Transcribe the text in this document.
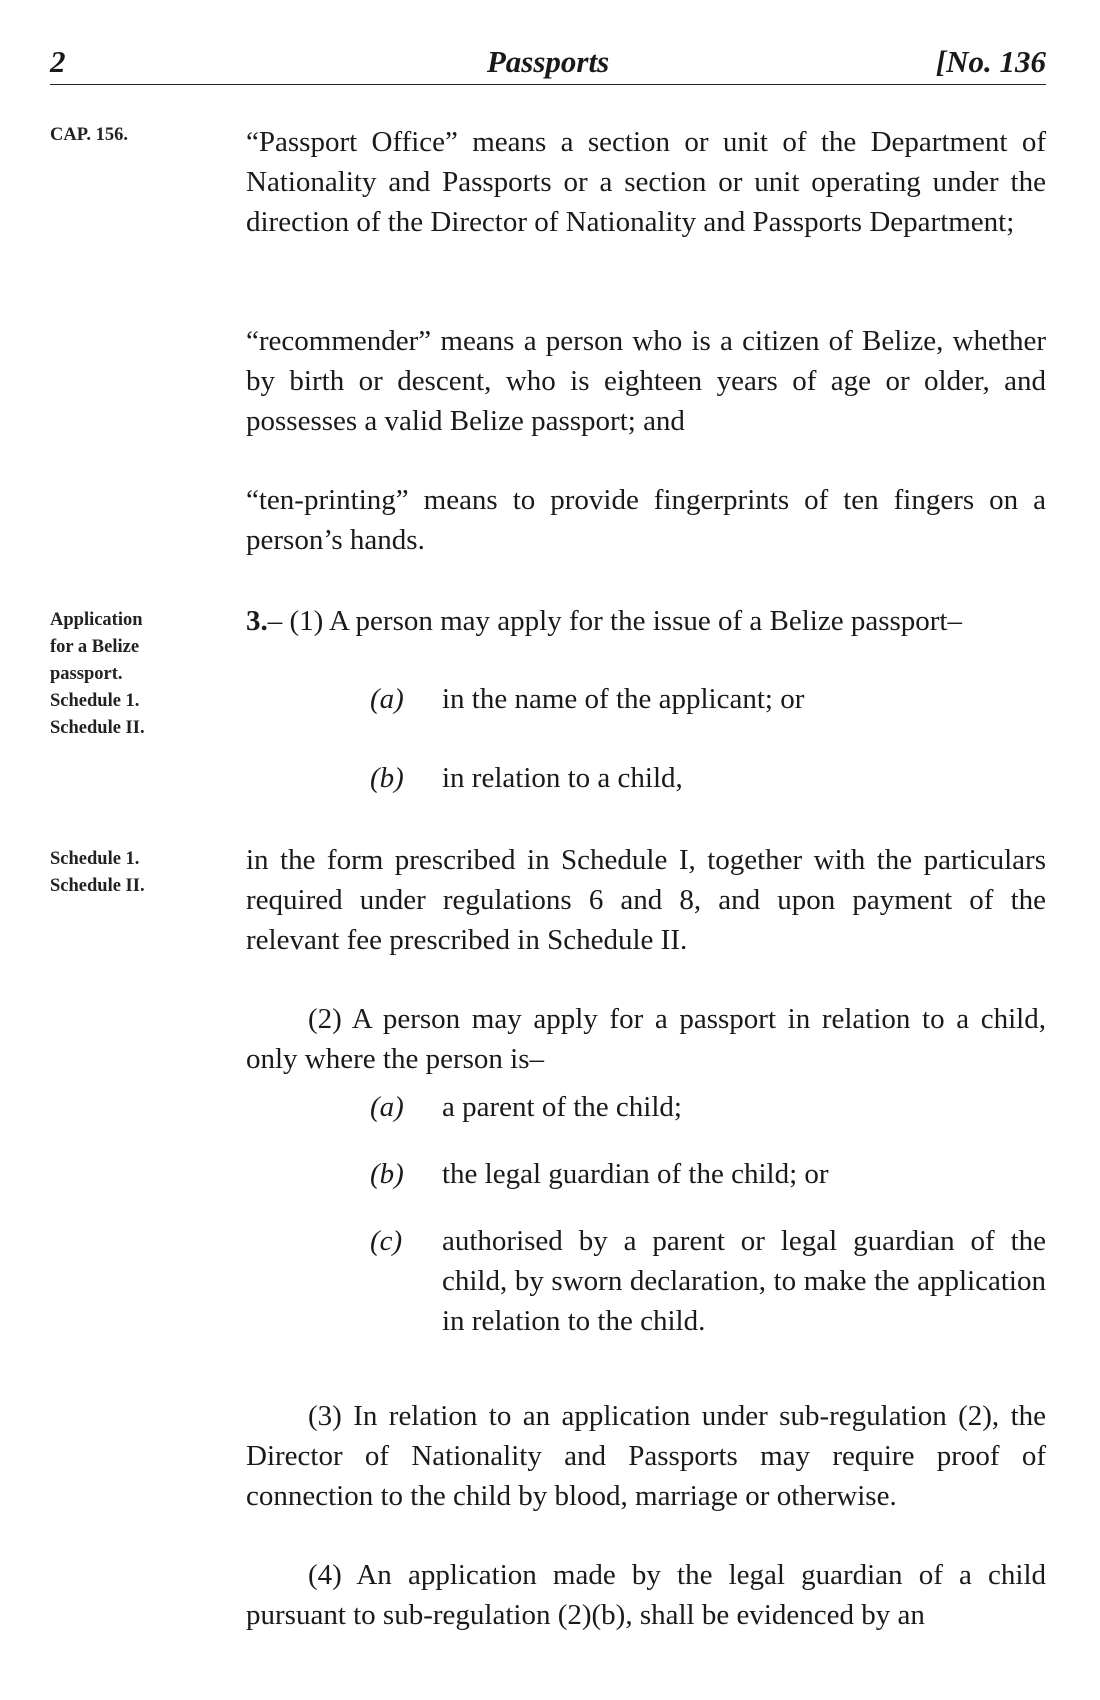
Passports
2	[No. 136
CAP. 156.
Application
for a Belize
passport.
Schedule 1.
Schedule II.
Schedule 1.
Schedule II.
“Passport Office” means a section or unit of the Department of Nationality and Passports or a section or unit operating under the direction of the Director of Nationality and Passports Department;
“recommender” means a person who is a citizen of Belize, whether by birth or descent, who is eighteen years of age or older, and possesses a valid Belize passport; and
“ten-printing” means to provide fingerprints of ten fingers on a person’s hands.
3.– (1) A person may apply for the issue of a Belize passport–
(a) in the name of the applicant; or
(b) in relation to a child,
in the form prescribed in Schedule I, together with the particulars required under regulations 6 and 8, and upon payment of the relevant fee prescribed in Schedule II.
(2) A person may apply for a passport in relation to a child, only where the person is–
(a) a parent of the child;
(b) the legal guardian of the child; or
(c) authorised by a parent or legal guardian of the child, by sworn declaration, to make the application in relation to the child.
(3) In relation to an application under sub-regulation (2), the Director of Nationality and Passports may require proof of connection to the child by blood, marriage or otherwise.
(4) An application made by the legal guardian of a child pursuant to sub-regulation (2)(b), shall be evidenced by an
